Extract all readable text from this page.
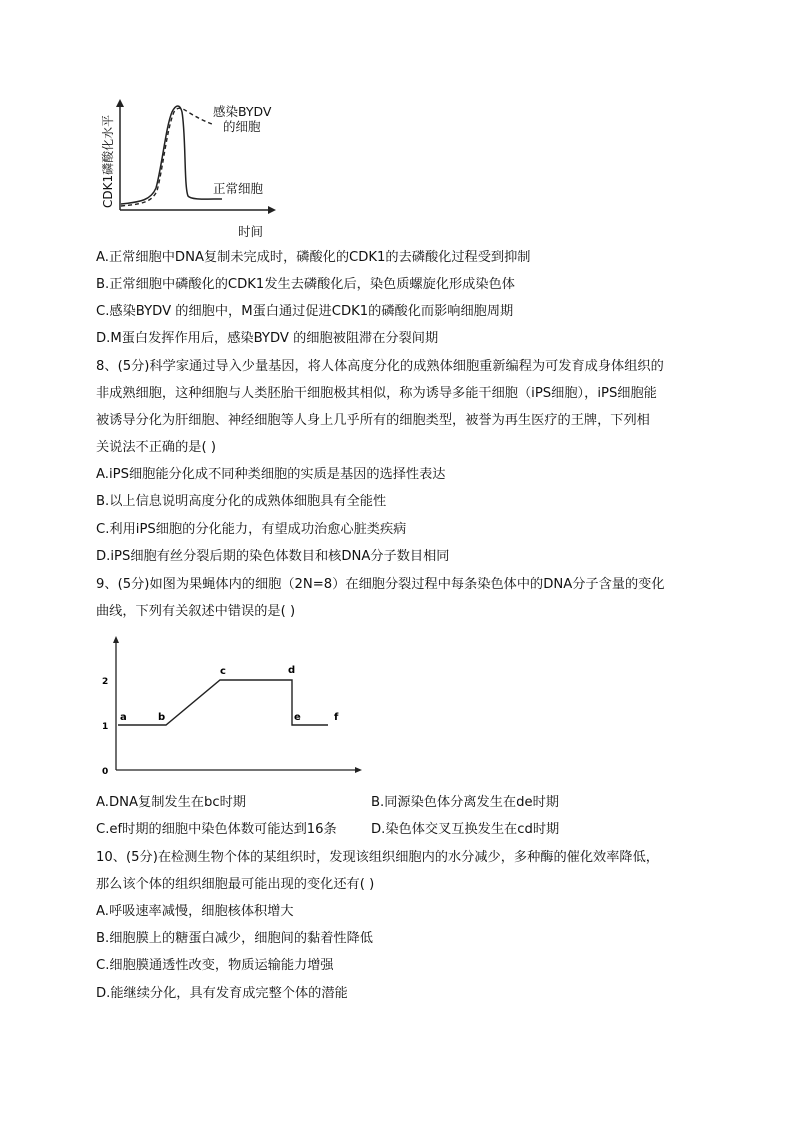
感染BYDV
的细胞
正常细胞
时间
CDK1磷酸化水平
A.正常细胞中DNA复制未完成时，磷酸化的CDK1的去磷酸化过程受到抑制
B.正常细胞中磷酸化的CDK1发生去磷酸化后，染色质螺旋化形成染色体
C.感染BYDV 的细胞中，M蛋白通过促进CDK1的磷酸化而影响细胞周期
D.M蛋白发挥作用后，感染BYDV 的细胞被阻滞在分裂间期
8、(5分)科学家通过导入少量基因，将人体高度分化的成熟体细胞重新编程为可发育成身体组织的
非成熟细胞，这种细胞与人类胚胎干细胞极其相似，称为诱导多能干细胞（iPS细胞），iPS细胞能
被诱导分化为肝细胞、神经细胞等人身上几乎所有的细胞类型，被誉为再生医疗的王牌，下列相
关说法不正确的是( )
A.iPS细胞能分化成不同种类细胞的实质是基因的选择性表达
B.以上信息说明高度分化的成熟体细胞具有全能性
C.利用iPS细胞的分化能力，有望成功治愈心脏类疾病
D.iPS细胞有丝分裂后期的染色体数目和核DNA分子数目相同
9、(5分)如图为果蝇体内的细胞（2N=8）在细胞分裂过程中每条染色体中的DNA分子含量的变化
曲线，下列有关叙述中错误的是( )
0
1
2
a	b
c	d
e	f
A.DNA复制发生在bc时期	B.同源染色体分离发生在de时期
C.ef时期的细胞中染色体数可能达到16条	D.染色体交叉互换发生在cd时期
10、(5分)在检测生物个体的某组织时，发现该组织细胞内的水分减少，多种酶的催化效率降低，
那么该个体的组织细胞最可能出现的变化还有( )
A.呼吸速率减慢，细胞核体积增大
B.细胞膜上的糖蛋白减少，细胞间的黏着性降低
C.细胞膜通透性改变，物质运输能力增强
D.能继续分化，具有发育成完整个体的潜能
